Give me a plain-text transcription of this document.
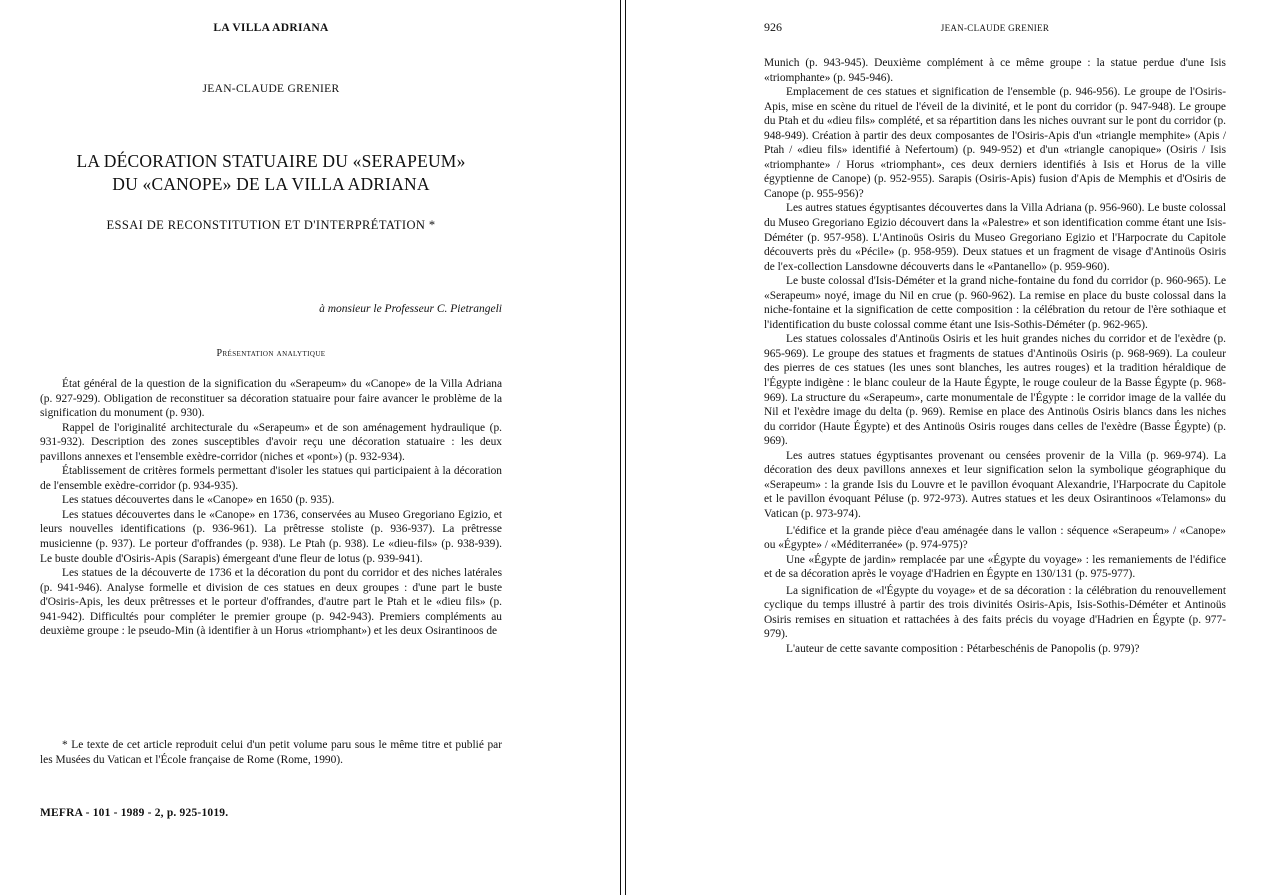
LA VILLA ADRIANA
JEAN-CLAUDE GRENIER
LA DÉCORATION STATUAIRE DU «SERAPEUM»
DU «CANOPE» DE LA VILLA ADRIANA
ESSAI DE RECONSTITUTION ET D'INTERPRÉTATION *
à monsieur le Professeur C. Pietrangeli
Présentation analytique

État général de la question de la signification du «Serapeum» du «Canope» de la Villa Adriana (p. 927-929). Obligation de reconstituer sa décoration statuaire pour faire avancer le problème de la signification du monument (p. 930).

Rappel de l'originalité architecturale du «Serapeum» et de son aménagement hydraulique (p. 931-932). Description des zones susceptibles d'avoir reçu une décoration statuaire : les deux pavillons annexes et l'ensemble exèdre-corridor (niches et «pont») (p. 932-934).

Établissement de critères formels permettant d'isoler les statues qui participaient à la décoration de l'ensemble exèdre-corridor (p. 934-935).

Les statues découvertes dans le «Canope» en 1650 (p. 935).

Les statues découvertes dans le «Canope» en 1736, conservées au Museo Gregoriano Egizio, et leurs nouvelles identifications (p. 936-961). La prêtresse stoliste (p. 936-937). La prêtresse musicienne (p. 937). Le porteur d'offrandes (p. 938). Le Ptah (p. 938). Le «dieu-fils» (p. 938-939). Le buste double d'Osiris-Apis (Sarapis) émergeant d'une fleur de lotus (p. 939-941).

Les statues de la découverte de 1736 et la décoration du pont du corridor et des niches latérales (p. 941-946). Analyse formelle et division de ces statues en deux groupes : d'une part le buste d'Osiris-Apis, les deux prêtresses et le porteur d'offrandes, d'autre part le Ptah et le «dieu fils» (p. 941-942). Difficultés pour compléter le premier groupe (p. 942-943). Premiers compléments au deuxième groupe : le pseudo-Min (à identifier à un Horus «triomphant») et les deux Osirantinoos de

* Le texte de cet article reproduit celui d'un petit volume paru sous le même titre et publié par les Musées du Vatican et l'École française de Rome (Rome, 1990).
MEFRA - 101 - 1989 - 2, p. 925-1019.
926	JEAN-CLAUDE GRENIER

Munich (p. 943-945). Deuxième complément à ce même groupe : la statue perdue d'une Isis «triomphante» (p. 945-946).

Emplacement de ces statues et signification de l'ensemble (p. 946-956). Le groupe de l'Osiris-Apis, mise en scène du rituel de l'éveil de la divinité, et le pont du corridor (p. 947-948). Le groupe du Ptah et du «dieu fils» complété, et sa répartition dans les niches ouvrant sur le pont du corridor (p. 948-949). Création à partir des deux composantes de l'Osiris-Apis d'un «triangle memphite» (Apis / Ptah / «dieu fils» identifié à Nefertoum) (p. 949-952) et d'un «triangle canopique» (Osiris / Isis «triomphante» / Horus «triomphant», ces deux derniers identifiés à Isis et Horus de la ville égyptienne de Canope) (p. 952-955). Sarapis (Osiris-Apis) fusion d'Apis de Memphis et d'Osiris de Canope (p. 955-956)?

Les autres statues égyptisantes découvertes dans la Villa Adriana (p. 956-960). Le buste colossal du Museo Gregoriano Egizio découvert dans la «Palestre» et son identification comme étant une Isis-Déméter (p. 957-958). L'Antinoüs Osiris du Museo Gregoriano Egizio et l'Harpocrate du Capitole découverts près du «Pécile» (p. 958-959). Deux statues et un fragment de visage d'Antinoüs Osiris de l'ex-collection Lansdowne découverts dans le «Pantanello» (p. 959-960).

Le buste colossal d'Isis-Déméter et la grand niche-fontaine du fond du corridor (p. 960-965). Le «Serapeum» noyé, image du Nil en crue (p. 960-962). La remise en place du buste colossal dans la niche-fontaine et la signification de cette composition : la célébration du retour de l'ère sothiaque et l'identification du buste colossal comme étant une Isis-Sothis-Déméter (p. 962-965).

Les statues colossales d'Antinoüs Osiris et les huit grandes niches du corridor et de l'exèdre (p. 965-969). Le groupe des statues et fragments de statues d'Antinoüs Osiris (p. 968-969). La couleur des pierres de ces statues (les unes sont blanches, les autres rouges) et la tradition héraldique de l'Égypte indigène : le blanc couleur de la Haute Égypte, le rouge couleur de la Basse Égypte (p. 968-969). La structure du «Serapeum», carte monumentale de l'Égypte : le corridor image de la vallée du Nil et l'exèdre image du delta (p. 969). Remise en place des Antinoüs Osiris blancs dans les niches du corridor (Haute Égypte) et des Antinoüs Osiris rouges dans celles de l'exèdre (Basse Égypte) (p. 969).

Les autres statues égyptisantes provenant ou censées provenir de la Villa (p. 969-974). La décoration des deux pavillons annexes et leur signification selon la symbolique géographique du «Serapeum» : la grande Isis du Louvre et le pavillon évoquant Alexandrie, l'Harpocrate du Capitole et le pavillon évoquant Péluse (p. 972-973). Autres statues et les deux Osirantinoos «Telamons» du Vatican (p. 973-974).

L'édifice et la grande pièce d'eau aménagée dans le vallon : séquence «Serapeum» / «Canope» ou «Égypte» / «Méditerranée» (p. 974-975)?

Une «Égypte de jardin» remplacée par une «Égypte du voyage» : les remaniements de l'édifice et de sa décoration après le voyage d'Hadrien en Égypte en 130/131 (p. 975-977).

La signification de «l'Égypte du voyage» et de sa décoration : la célébration du renouvellement cyclique du temps illustré à partir des trois divinités Osiris-Apis, Isis-Sothis-Déméter et Antinoüs Osiris remises en situation et rattachées à des faits précis du voyage d'Hadrien en Égypte (p. 977-979).

L'auteur de cette savante composition : Pétarbeschénis de Panopolis (p. 979)?
